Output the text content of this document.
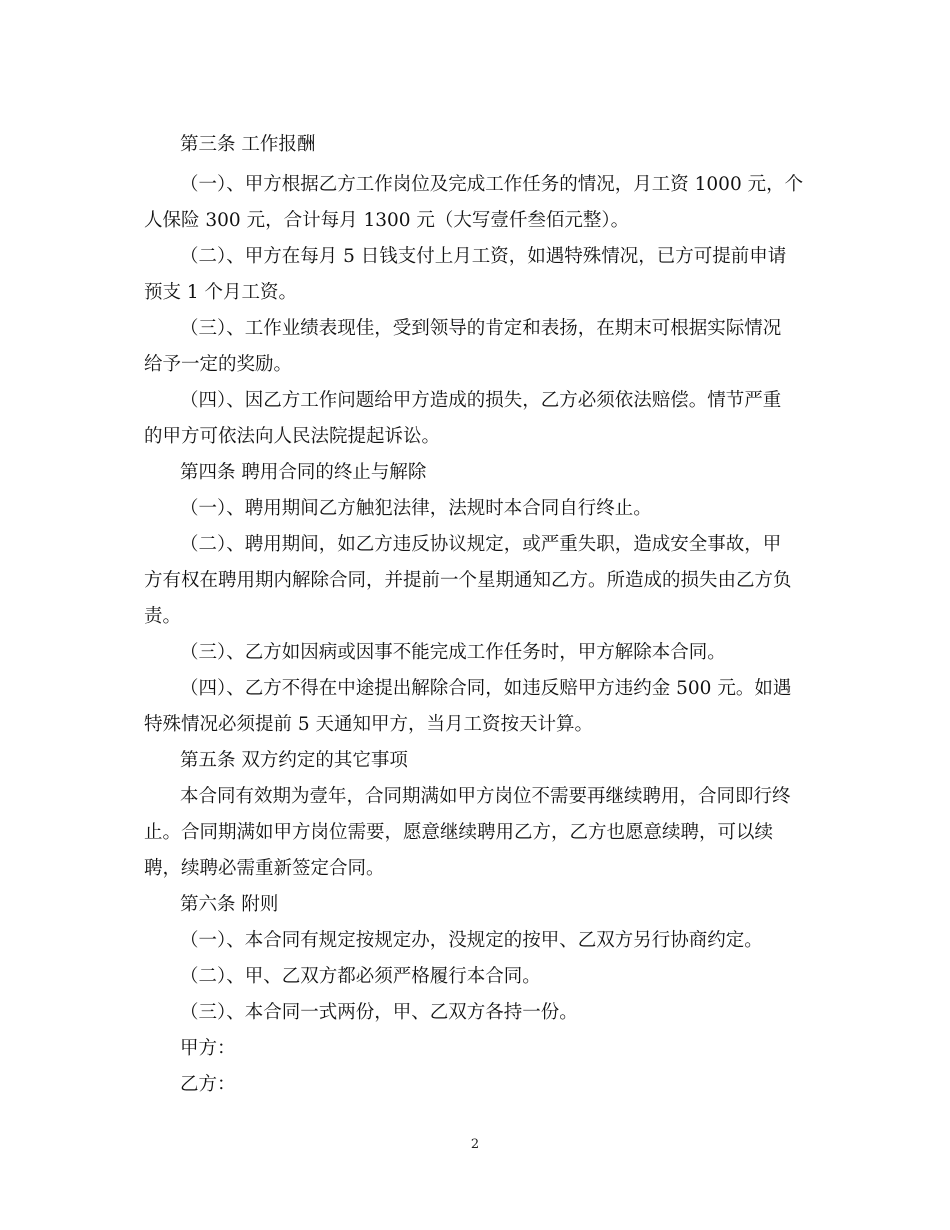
第三条 工作报酬
（一）、甲方根据乙方工作岗位及完成工作任务的情况，月工资 1000 元，个
人保险 300 元，合计每月 1300 元（大写壹仟叁佰元整）。
（二）、甲方在每月 5 日钱支付上月工资，如遇特殊情况，已方可提前申请
预支 1 个月工资。
（三）、工作业绩表现佳，受到领导的肯定和表扬，在期末可根据实际情况
给予一定的奖励。
（四）、因乙方工作问题给甲方造成的损失，乙方必须依法赔偿。情节严重
的甲方可依法向人民法院提起诉讼。
第四条 聘用合同的终止与解除
（一）、聘用期间乙方触犯法律，法规时本合同自行终止。
（二）、聘用期间，如乙方违反协议规定，或严重失职，造成安全事故，甲
方有权在聘用期内解除合同，并提前一个星期通知乙方。所造成的损失由乙方负
责。
（三）、乙方如因病或因事不能完成工作任务时，甲方解除本合同。
（四）、乙方不得在中途提出解除合同，如违反赔甲方违约金 500 元。如遇
特殊情况必须提前 5 天通知甲方，当月工资按天计算。
第五条 双方约定的其它事项
本合同有效期为壹年，合同期满如甲方岗位不需要再继续聘用，合同即行终
止。合同期满如甲方岗位需要，愿意继续聘用乙方，乙方也愿意续聘，可以续
聘，续聘必需重新签定合同。
第六条 附则
（一）、本合同有规定按规定办，没规定的按甲、乙双方另行协商约定。
（二）、甲、乙双方都必须严格履行本合同。
（三）、本合同一式两份，甲、乙双方各持一份。
甲方：
乙方：
2
